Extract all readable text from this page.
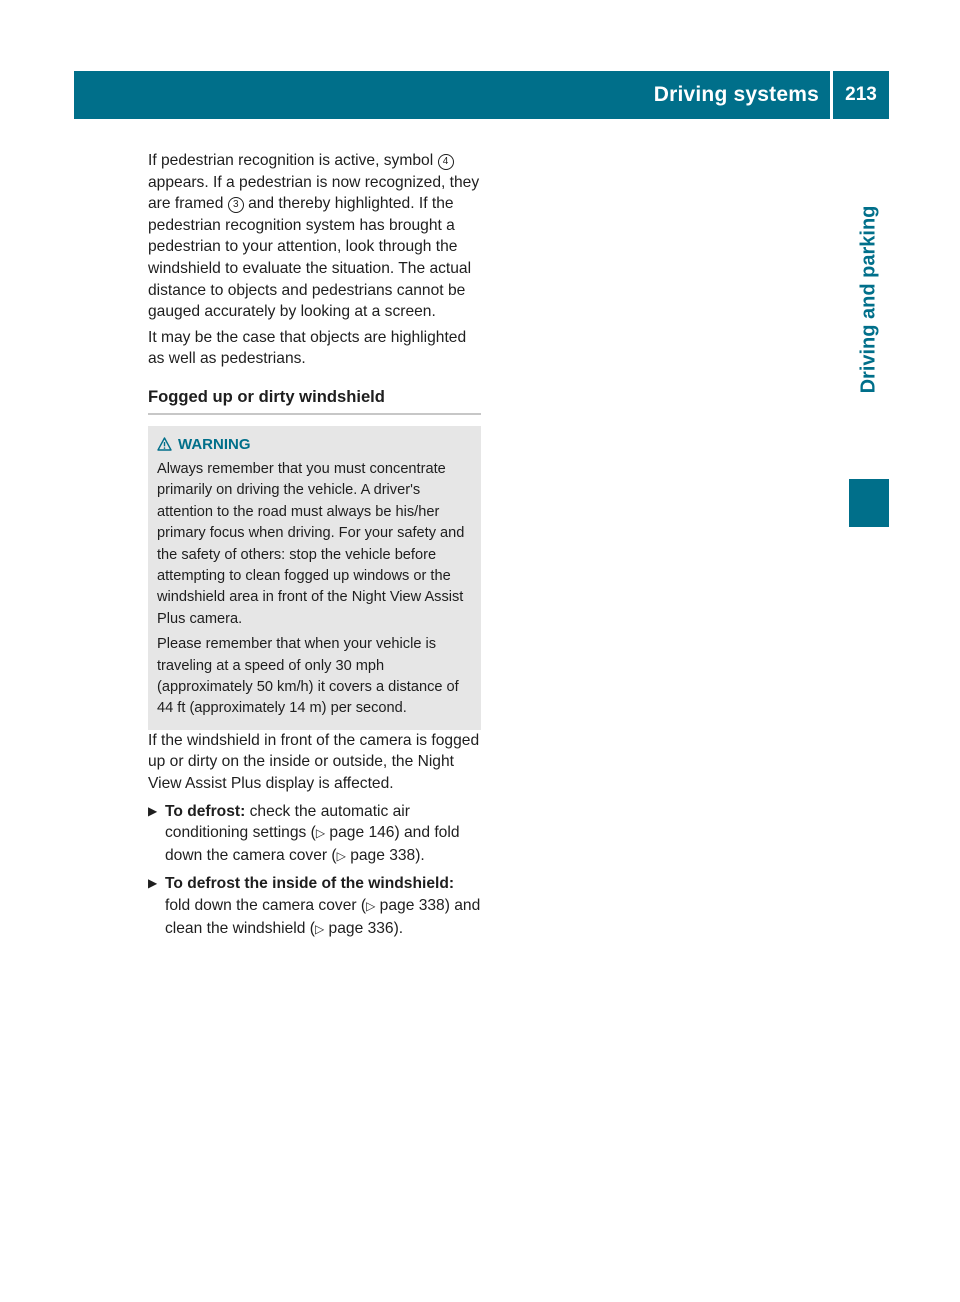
Driving systems	213
Driving and parking

If pedestrian recognition is active, symbol 4 appears. If a pedestrian is now recognized, they are framed 3 and thereby highlighted. If the pedestrian recognition system has brought a pedestrian to your attention, look through the windshield to evaluate the situation. The actual distance to objects and pedestrians cannot be gauged accurately by looking at a screen.

It may be the case that objects are highlighted as well as pedestrians.

Fogged up or dirty windshield
WARNING

Always remember that you must concentrate primarily on driving the vehicle. A driver's attention to the road must always be his/her primary focus when driving. For your safety and the safety of others: stop the vehicle before attempting to clean fogged up windows or the windshield area in front of the Night View Assist Plus camera.

Please remember that when your vehicle is traveling at a speed of only 30 mph (approximately 50 km/h) it covers a distance of 44 ft (approximately 14 m) per second.

If the windshield in front of the camera is fogged up or dirty on the inside or outside, the Night View Assist Plus display is affected.

▶ To defrost: check the automatic air conditioning settings (▷ page 146) and fold down the camera cover (▷ page 338).
▶ To defrost the inside of the windshield: fold down the camera cover (▷ page 338) and clean the windshield (▷ page 336).
